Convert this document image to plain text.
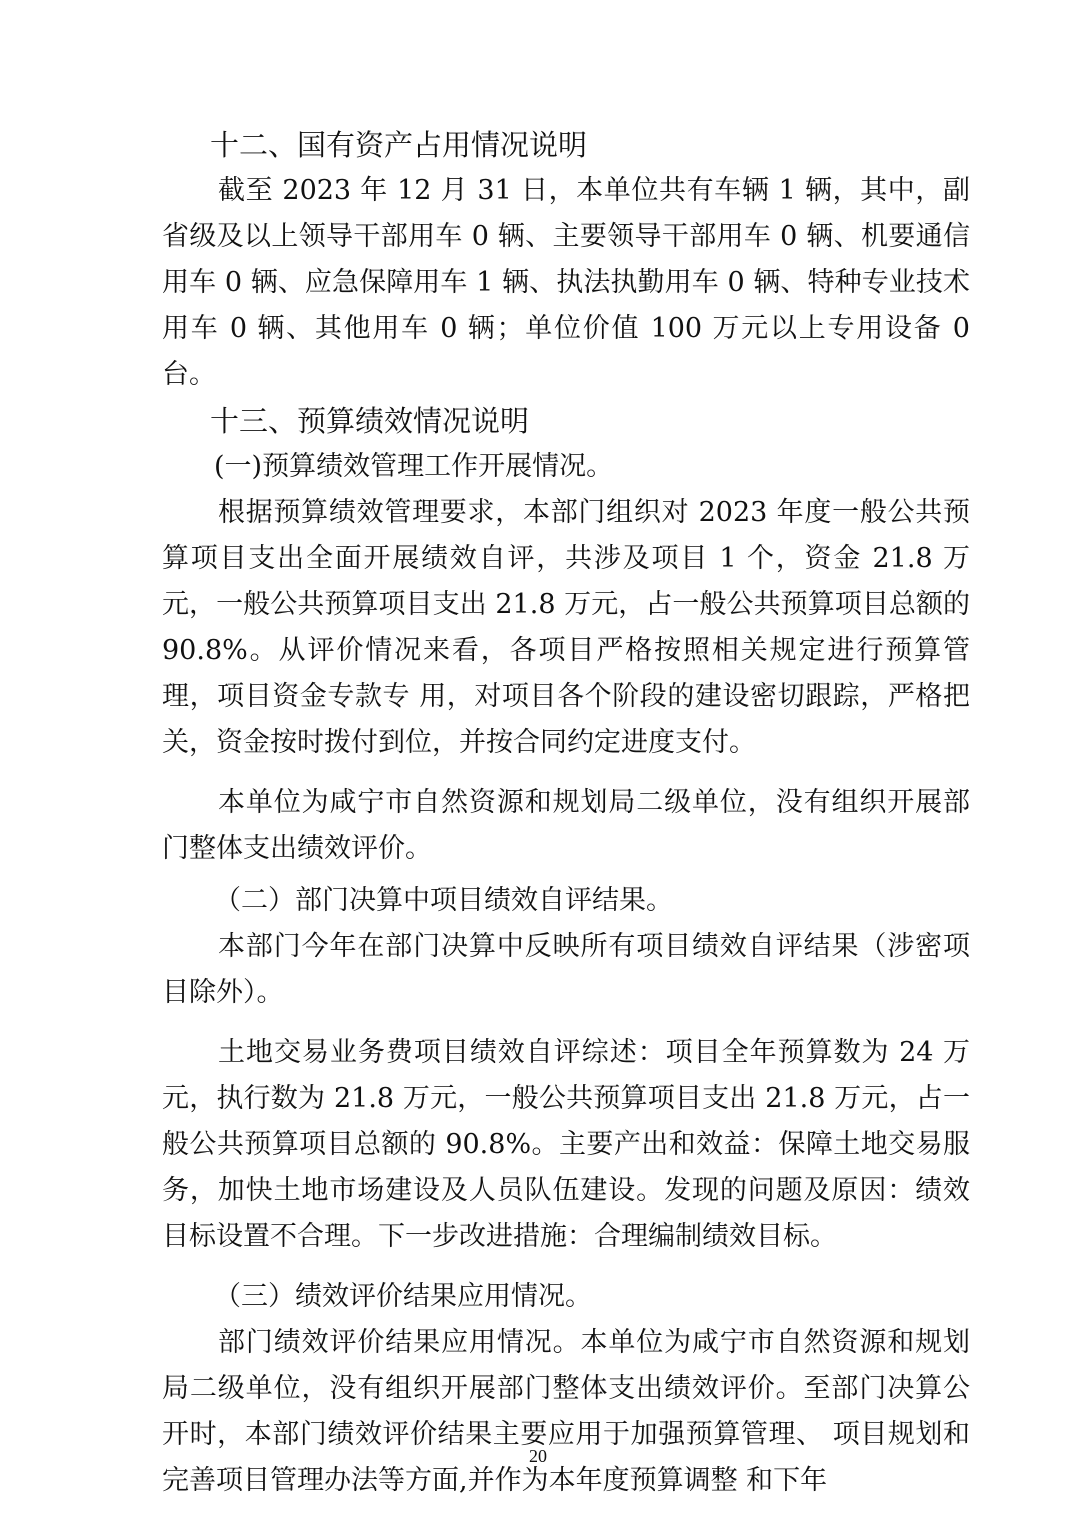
十二、国有资产占用情况说明

截至 2023 年 12 月 31 日，本单位共有车辆 1 辆，其中，副省级及以上领导干部用车 0 辆、主要领导干部用车 0 辆、机要通信用车 0 辆、应急保障用车 1 辆、执法执勤用车 0 辆、特种专业技术用车 0 辆、其他用车 0 辆；单位价值 100 万元以上专用设备 0 台。

十三、预算绩效情况说明
(一)预算绩效管理工作开展情况。

根据预算绩效管理要求，本部门组织对 2023 年度一般公共预算项目支出全面开展绩效自评，共涉及项目 1 个，资金 21.8 万元，一般公共预算项目支出 21.8 万元，占一般公共预算项目总额的 90.8%。从评价情况来看，各项目严格按照相关规定进行预算管理，项目资金专款专 用，对项目各个阶段的建设密切跟踪，严格把关，资金按时拨付到位，并按合同约定进度支付。

本单位为咸宁市自然资源和规划局二级单位，没有组织开展部门整体支出绩效评价。

（二）部门决算中项目绩效自评结果。

本部门今年在部门决算中反映所有项目绩效自评结果（涉密项目除外）。

土地交易业务费项目绩效自评综述：项目全年预算数为 24 万元，执行数为 21.8 万元，一般公共预算项目支出 21.8 万元，占一般公共预算项目总额的 90.8%。主要产出和效益：保障土地交易服务，加快土地市场建设及人员队伍建设。发现的问题及原因：绩效目标设置不合理。下一步改进措施：合理编制绩效目标。

（三）绩效评价结果应用情况。

部门绩效评价结果应用情况。本单位为咸宁市自然资源和规划局二级单位，没有组织开展部门整体支出绩效评价。至部门决算公开时，本部门绩效评价结果主要应用于加强预算管理、 项目规划和完善项目管理办法等方面,并作为本年度预算调整 和下年

20
